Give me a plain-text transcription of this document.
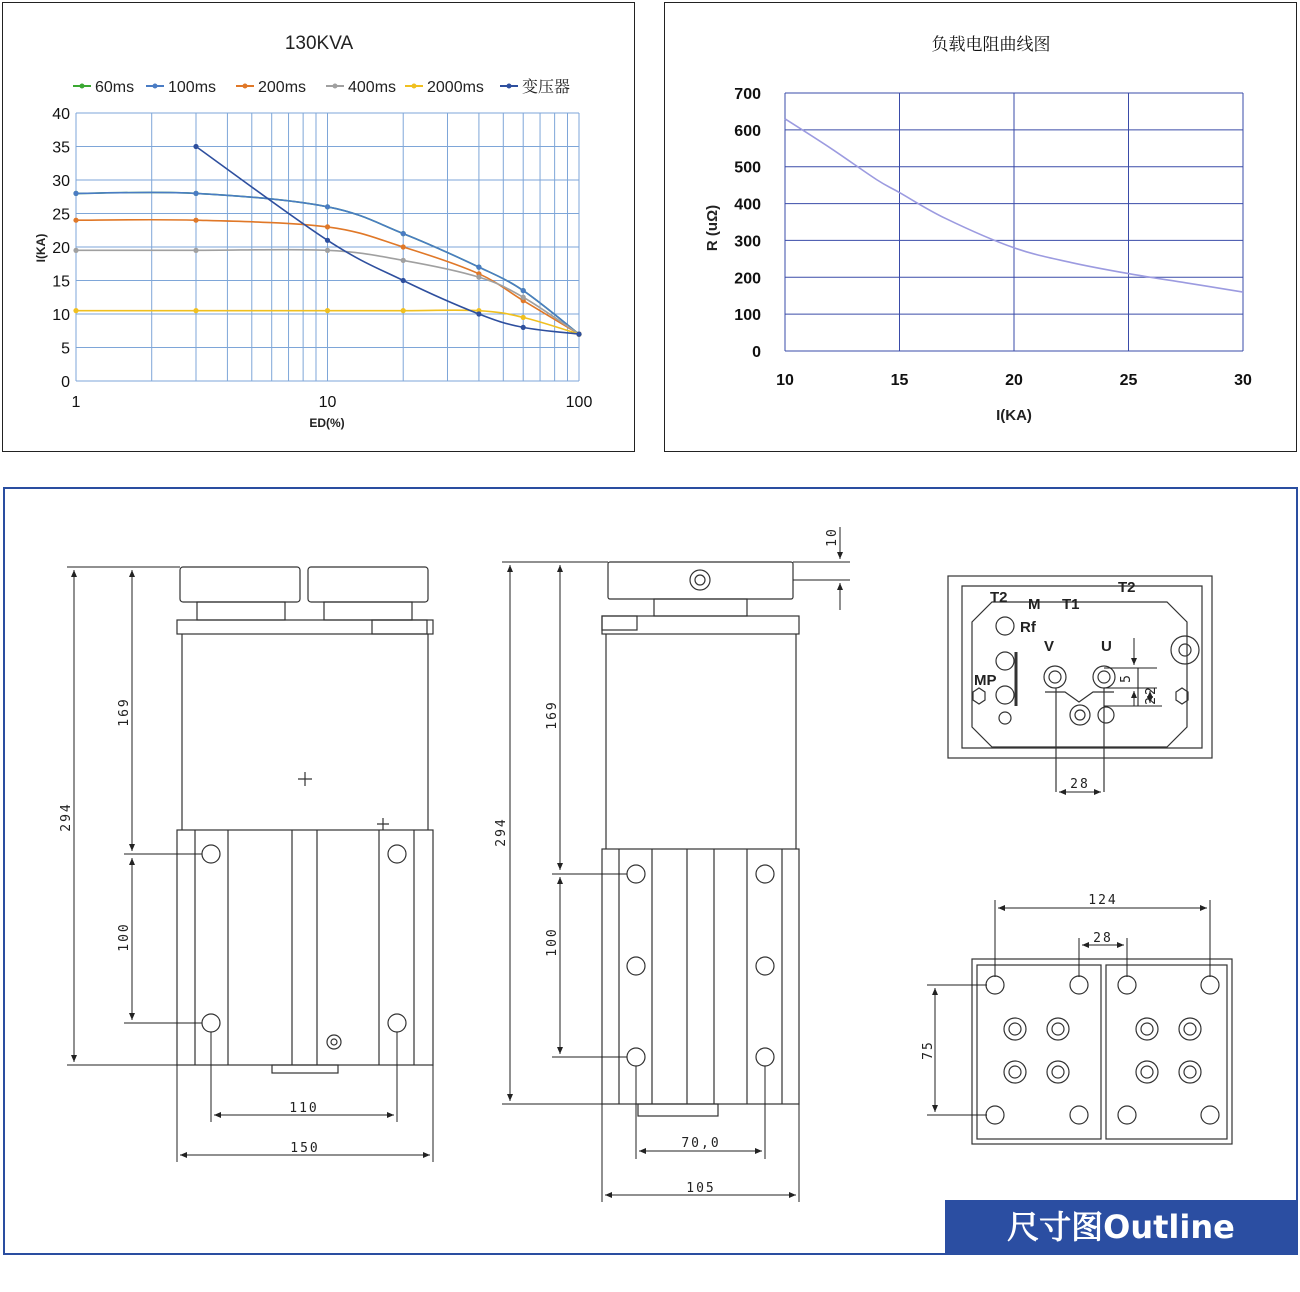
0
5
10
15
20
25
30
35
40
1	10	100
130KVA
ED(%)
I(KA)
60ms 100ms	200ms	400ms 2000ms 变压器
10	15	20	25	30
0
100
200
300
400
500
600
700
负载电阻曲线图
I(KA)
R (uΩ)
294
169
100
110
150
294
169
100
10
70,0
105
28
5
22
124
28
75
T2 M T1
T2
Rf
V	U
MP
尺寸图Outline
